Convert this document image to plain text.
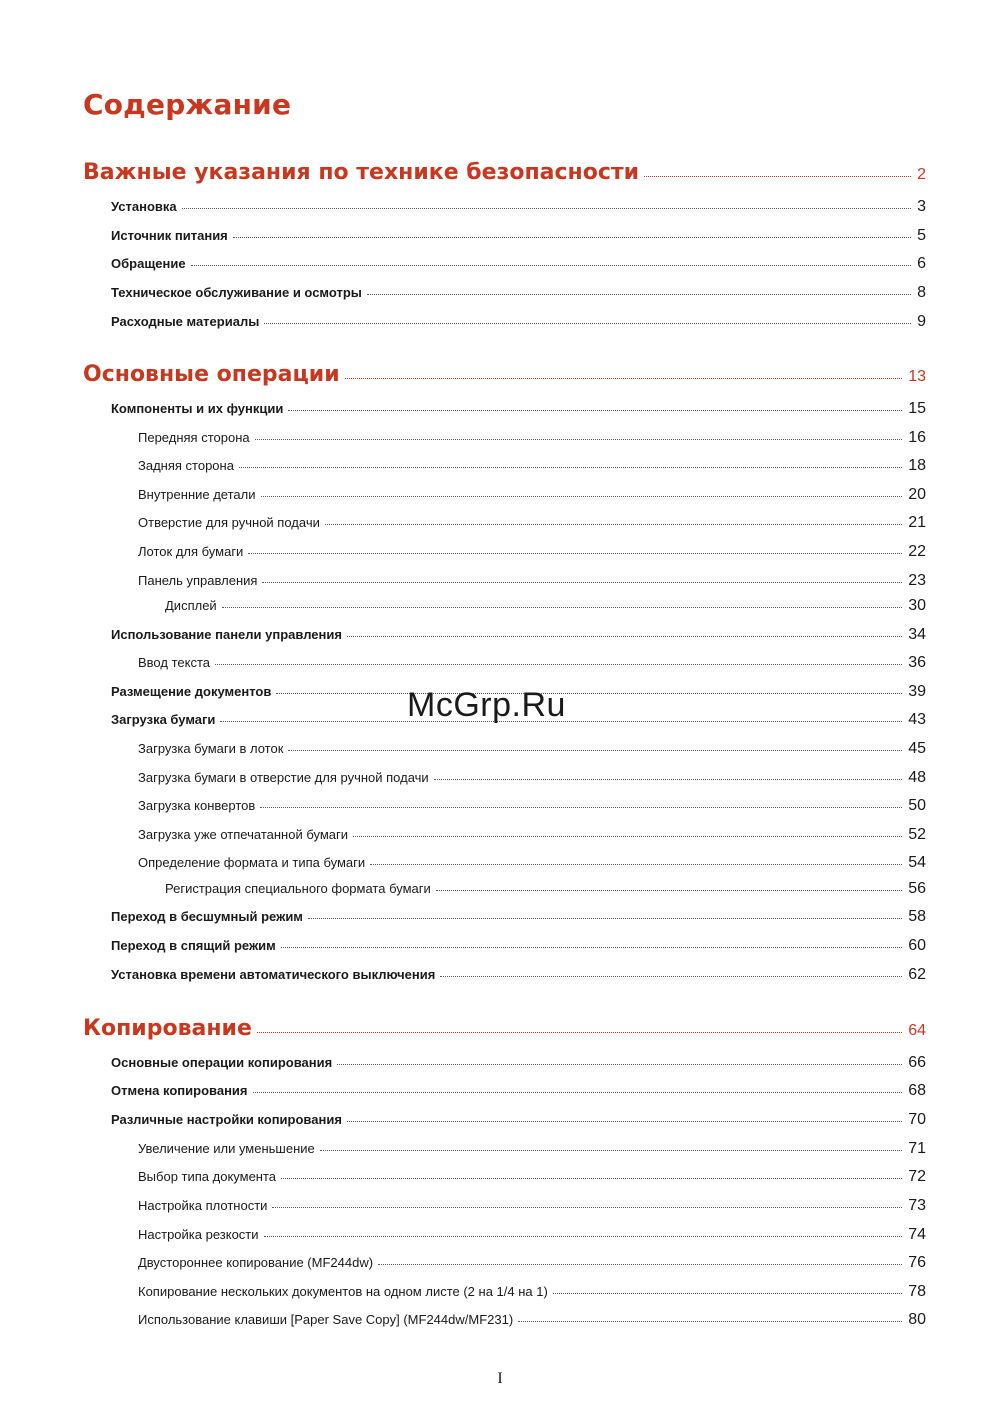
Содержание
Важные указания по технике безопасности	2
Установка	3
Источник питания	5
Обращение	6
Техническое обслуживание и осмотры	8
Расходные материалы	9
Основные операции	13
Компоненты и их функции	15
Передняя сторона	16
Задняя сторона	18
Внутренние детали	20
Отверстие для ручной подачи	21
Лоток для бумаги	22
Панель управления	23
Дисплей	30
Использование панели управления	34
Ввод текста	36
Размещение документов	39
Загрузка бумаги	43
Загрузка бумаги в лоток	45
Загрузка бумаги в отверстие для ручной подачи	48
Загрузка конвертов	50
Загрузка уже отпечатанной бумаги	52
Определение формата и типа бумаги	54
Регистрация специального формата бумаги	56
Переход в бесшумный режим	58
Переход в спящий режим	60
Установка времени автоматического выключения	62
Копирование	64
Основные операции копирования	66
Отмена копирования	68
Различные настройки копирования	70
Увеличение или уменьшение	71
Выбор типа документа	72
Настройка плотности	73
Настройка резкости	74
Двустороннее копирование (MF244dw)	76
Копирование нескольких документов на одном листе (2 на 1/4 на 1)	78
Использование клавиши [Paper Save Copy] (MF244dw/MF231)	80
McGrp.Ru
I
